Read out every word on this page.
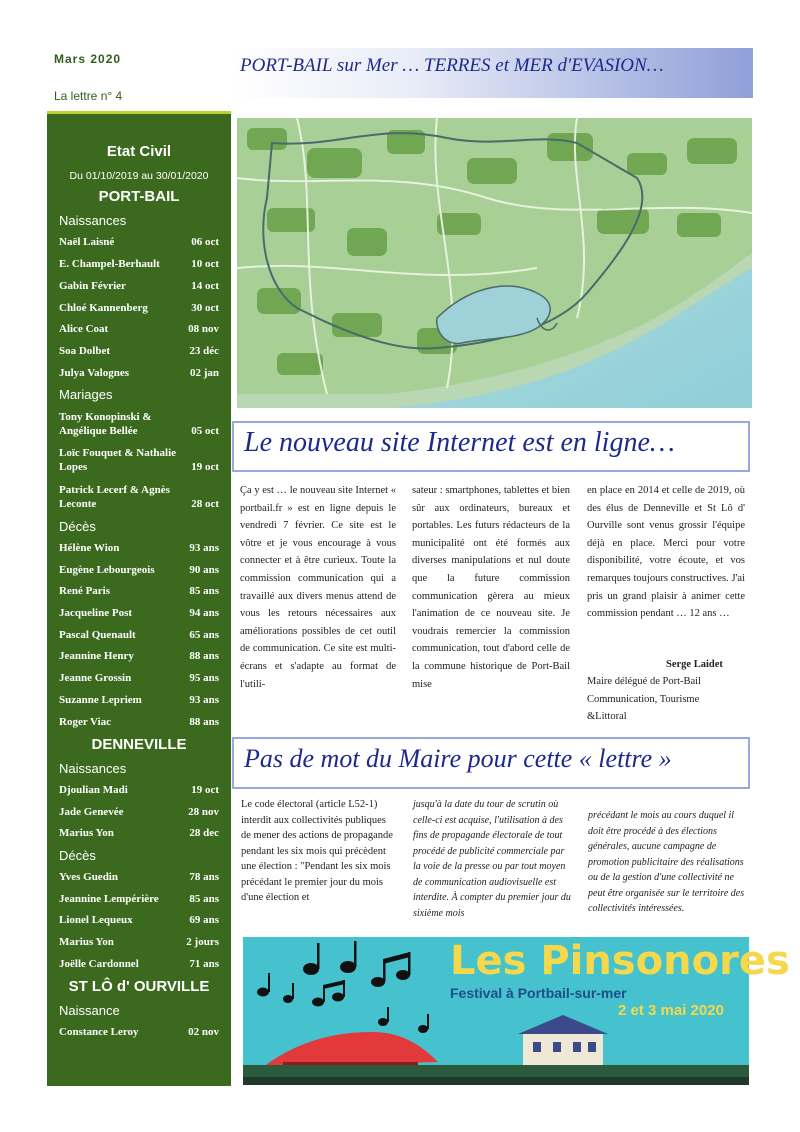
Mars 2020
La lettre n° 4
PORT-BAIL sur Mer … TERRES et MER d'EVASION…
Etat Civil
Du 01/10/2019 au 30/01/2020
PORT-BAIL
Naissances
Naël Laisné	06 oct
E. Champel-Berhault	10 oct
Gabin Février	14 oct
Chloé Kannenberg	30 oct
Alice Coat	08 nov
Soa Dolbet	23 déc
Julya Valognes	02 jan
Mariages
Tony Konopinski & Angélique Bellée	05 oct
Loïc Fouquet & Nathalie Lopes	19 oct
Patrick Lecerf & Agnès Leconte	28 oct
Décès
Hélène Wion	93 ans
Eugène Lebourgeois	90 ans
René Paris	85 ans
Jacqueline Post	94 ans
Pascal Quenault	65 ans
Jeannine Henry	88 ans
Jeanne Grossin	95 ans
Suzanne Lepriem	93 ans
Roger Viac	88 ans
DENNEVILLE
Naissances
Djoulian Madi	19 oct
Jade Genevée	28 nov
Marius Yon	28 dec
Décès
Yves Guedin	78 ans
Jeannine Lempérière	85 ans
Lionel Lequeux	69 ans
Marius Yon	2 jours
Joëlle Cardonnel	71 ans
ST LÔ d' OURVILLE
Naissance
Constance Leroy	02 nov
Le nouveau site Internet est en ligne…
Ça y est … le nouveau site Internet « portbail.fr » est en ligne depuis le vendredi 7 février. Ce site est le vôtre et je vous encourage à vous connecter et à être curieux. Toute la commission communication qui a travaillé aux divers menus attend de vous les retours nécessaires aux améliorations possibles de cet outil de communication. Ce site est multi-écrans et s'adapte au format de l'utili-
sateur : smartphones, tablettes et bien sûr aux ordinateurs, bureaux et portables. Les futurs rédacteurs de la municipalité ont été formés aux diverses manipulations et nul doute que la future commission communication gèrera au mieux l'animation de ce nouveau site. Je voudrais remercier la commission communication, tout d'abord celle de la commune historique de Port-Bail mise
en place en 2014 et celle de 2019, où des élus de Denneville et St Lô d' Ourville sont venus grossir l'équipe déjà en place. Merci pour votre disponibilité, votre écoute, et vos remarques toujours constructives. J'ai pris un grand plaisir à animer cette commission pendant … 12 ans …
Serge Laidet
Maire délégué de Port-Bail Communication, Tourisme &Littoral
Pas de mot du Maire pour cette « lettre »
Le code électoral (article L52-1) interdit aux collectivités publiques de mener des actions de propagande pendant les six mois qui précèdent une élection : "Pendant les six mois précédant le premier jour du mois d'une élection et
jusqu'à la date du tour de scrutin où celle-ci est acquise, l'utilisation à des fins de propagande électorale de tout procédé de publicité commerciale par la voie de la presse ou par tout moyen de communication audiovisuelle est interdite. À compter du premier jour du sixième mois
précédant le mois au cours duquel il doit être procédé à des élections générales, aucune campagne de promotion publicitaire des réalisations ou de la gestion d'une collectivité ne peut être organisée sur le territoire des collectivités intéressées.
Les Pinsonores
Festival à Portbail-sur-mer
2 et 3 mai 2020
